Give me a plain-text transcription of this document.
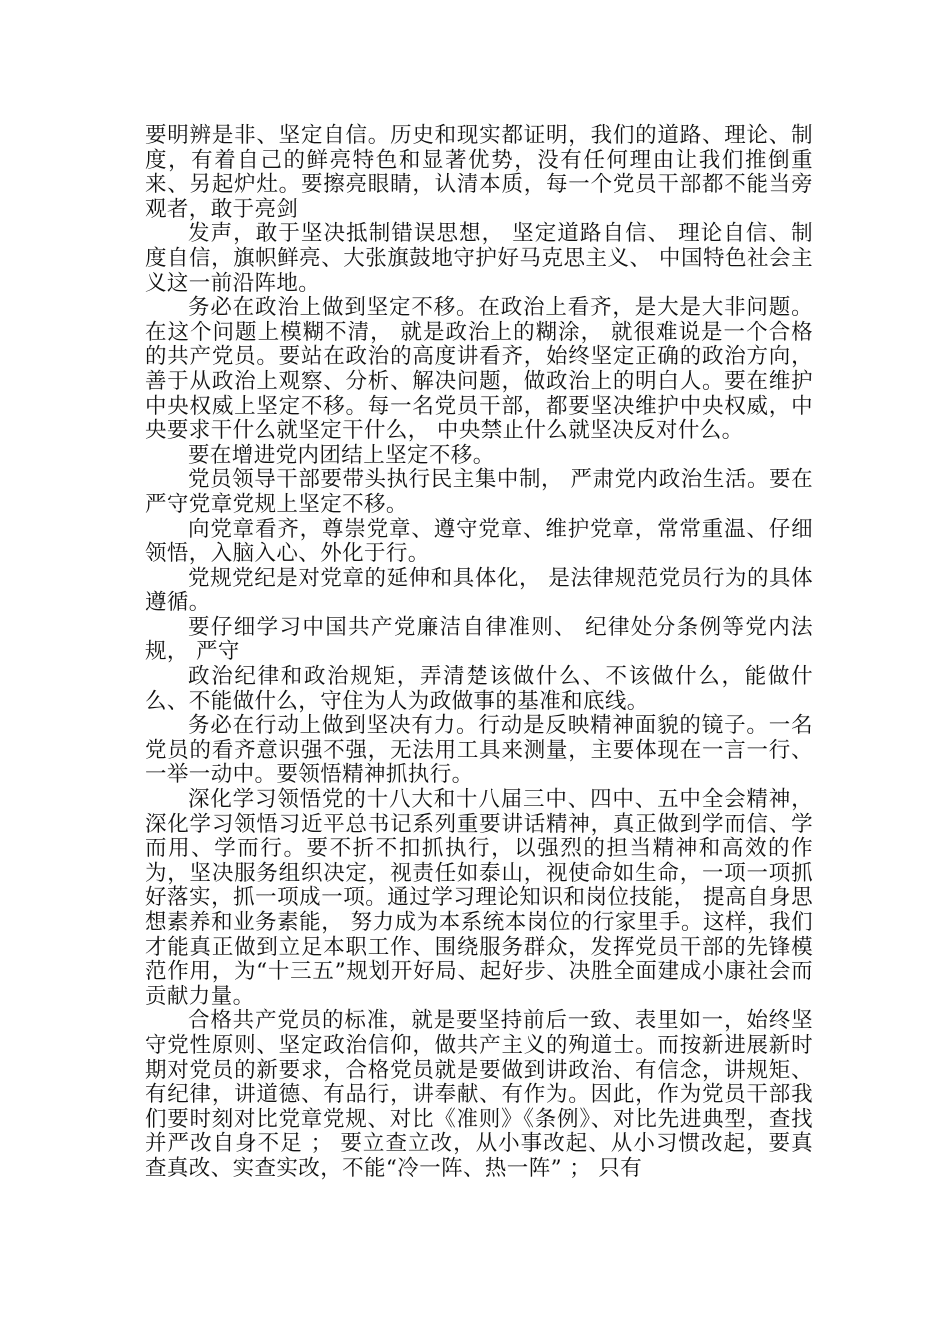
要明辨是非、坚定自信。历史和现实都证明，我们的道路、理论、制度，有着自己的鲜亮特色和显著优势，没有任何理由让我们推倒重来、另起炉灶。要擦亮眼睛，认清本质，每一个党员干部都不能当旁观者，敢于亮剑

发声，敢于坚决抵制错误思想， 坚定道路自信、 理论自信、制度自信，旗帜鲜亮、大张旗鼓地守护好马克思主义、 中国特色社会主义这一前沿阵地。

务必在政治上做到坚定不移。在政治上看齐，是大是大非问题。在这个问题上模糊不清， 就是政治上的糊涂， 就很难说是一个合格的共产党员。要站在政治的高度讲看齐，始终坚定正确的政治方向，善于从政治上观察、分析、解决问题，做政治上的明白人。要在维护中央权威上坚定不移。每一名党员干部，都要坚决维护中央权威，中央要求干什么就坚定干什么， 中央禁止什么就坚决反对什么。

要在增进党内团结上坚定不移。

党员领导干部要带头执行民主集中制， 严肃党内政治生活。要在严守党章党规上坚定不移。

向党章看齐，尊崇党章、遵守党章、维护党章，常常重温、仔细领悟，入脑入心、外化于行。

党规党纪是对党章的延伸和具体化， 是法律规范党员行为的具体遵循。

要仔细学习中国共产党廉洁自律准则、 纪律处分条例等党内法规， 严守

政治纪律和政治规矩，弄清楚该做什么、不该做什么，能做什么、不能做什么，守住为人为政做事的基准和底线。

务必在行动上做到坚决有力。行动是反映精神面貌的镜子。一名党员的看齐意识强不强，无法用工具来测量，主要体现在一言一行、一举一动中。要领悟精神抓执行。

深化学习领悟党的十八大和十八届三中、四中、五中全会精神，深化学习领悟习近平总书记系列重要讲话精神，真正做到学而信、学而用、学而行。要不折不扣抓执行，以强烈的担当精神和高效的作为，坚决服务组织决定，视责任如泰山，视使命如生命，一项一项抓好落实，抓一项成一项。通过学习理论知识和岗位技能， 提高自身思想素养和业务素能， 努力成为本系统本岗位的行家里手。这样，我们才能真正做到立足本职工作、围绕服务群众，发挥党员干部的先锋模范作用，为“十三五”规划开好局、起好步、决胜全面建成小康社会而贡献力量。

合格共产党员的标准，就是要坚持前后一致、表里如一，始终坚守党性原则、坚定政治信仰，做共产主义的殉道士。而按新进展新时期对党员的新要求，合格党员就是要做到讲政治、有信念，讲规矩、有纪律，讲道德、有品行，讲奉献、有作为。因此，作为党员干部我们要时刻对比党章党规、对比《准则》《条例》、对比先进典型，查找并严改自身不足 ； 要立查立改，从小事改起、从小习惯改起，要真查真改、实查实改，不能“冷一阵、热一阵” ； 只有
